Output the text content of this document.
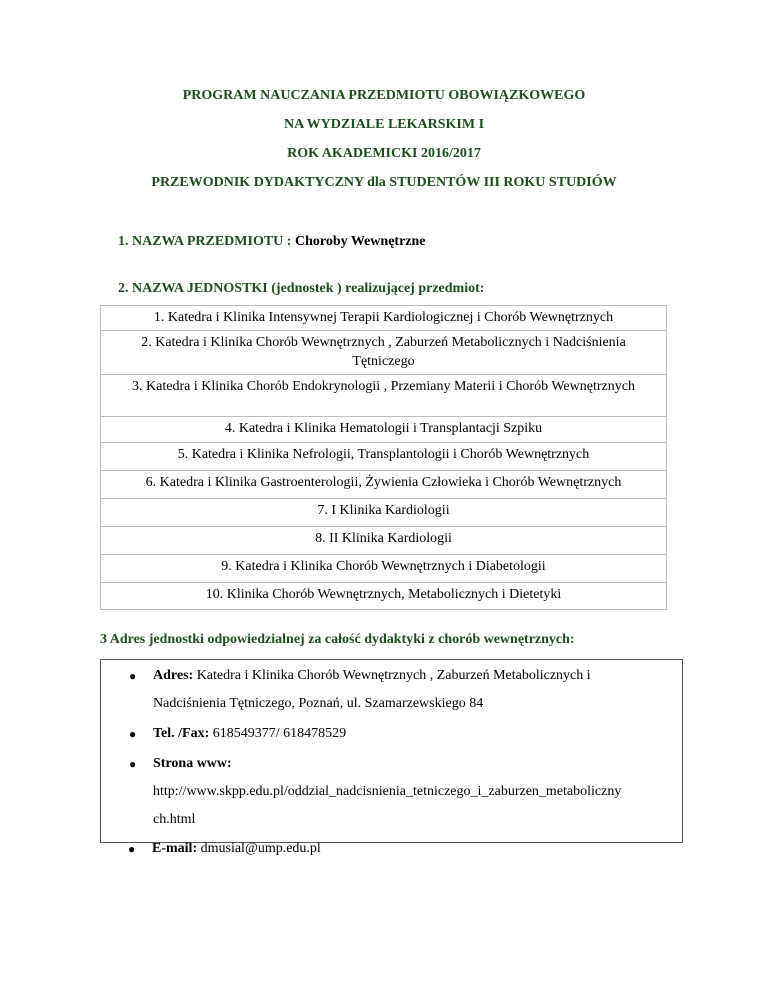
PROGRAM NAUCZANIA PRZEDMIOTU OBOWIĄZKOWEGO
NA WYDZIALE LEKARSKIM I
ROK AKADEMICKI 2016/2017
PRZEWODNIK DYDAKTYCZNY dla STUDENTÓW III ROKU STUDIÓW
1. NAZWA PRZEDMIOTU : Choroby Wewnętrzne
2. NAZWA JEDNOSTKI (jednostek ) realizującej przedmiot:
1. Katedra i Klinika Intensywnej Terapii Kardiologicznej i Chorób Wewnętrznych
2. Katedra i Klinika Chorób Wewnętrznych , Zaburzeń Metabolicznych i Nadciśnienia Tętniczego
3. Katedra i Klinika Chorób Endokrynologii , Przemiany Materii i Chorób Wewnętrznych
4. Katedra i Klinika Hematologii i Transplantacji Szpiku
5. Katedra i Klinika Nefrologii, Transplantologii i Chorób Wewnętrznych
6. Katedra i Klinika Gastroenterologii, Żywienia Człowieka i Chorób Wewnętrznych
7. I Klinika Kardiologii
8. II Klinika Kardiologii
9. Katedra i Klinika Chorób Wewnętrznych i Diabetologii
10. Klinika Chorób Wewnętrznych, Metabolicznych i Dietetyki
3 Adres jednostki odpowiedzialnej za całość dydaktyki z chorób wewnętrznych:
● Adres: Katedra i Klinika Chorób Wewnętrznych , Zaburzeń Metabolicznych i
Nadciśnienia Tętniczego, Poznań, ul. Szamarzewskiego 84
● Tel. /Fax: 618549377/ 618478529
● Strona www:
http://www.skpp.edu.pl/oddzial_nadcisnienia_tetniczego_i_zaburzen_metaboliczny
ch.html
● E-mail: dmusial@ump.edu.pl
